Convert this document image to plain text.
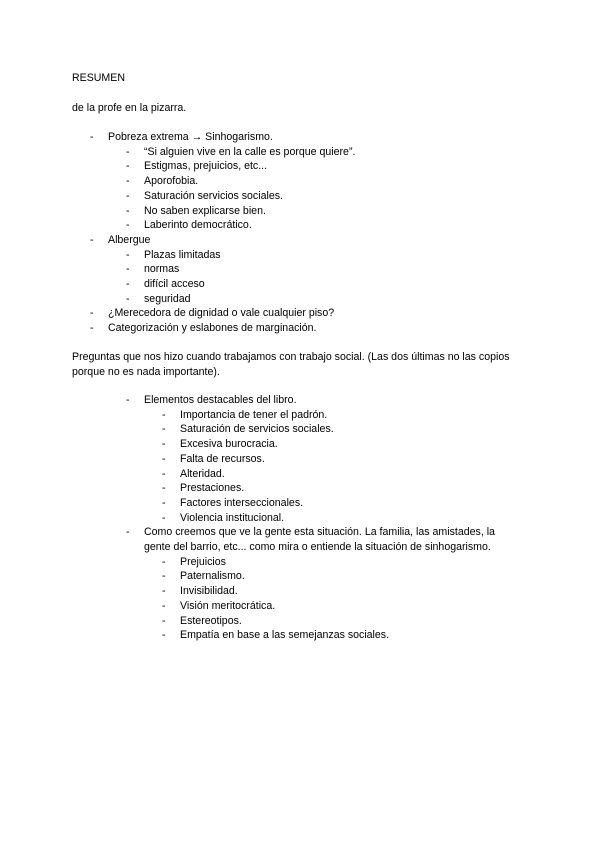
RESUMEN

de la profe en la pizarra.

-	Pobreza extrema → Sinhogarismo.
-	“Si alguien vive en la calle es porque quiere”.
-	Estigmas, prejuicios, etc...
-	Aporofobia.
-	Saturación servicios sociales.
-	No saben explicarse bien.
-	Laberinto democrático.
-	Albergue
-	Plazas limitadas
-	normas
-	difícil acceso
-	seguridad
-	¿Merecedora de dignidad o vale cualquier piso?
-	Categorización y eslabones de marginación.

Preguntas que nos hizo cuando trabajamos con trabajo social. (Las dos últimas no las copios porque no es nada importante).

-	Elementos destacables del libro.
-	Importancia de tener el padrón.
-	Saturación de servicios sociales.
-	Excesiva burocracia.
-	Falta de recursos.
-	Alteridad.
-	Prestaciones.
-	Factores interseccionales.
-	Violencia institucional.
-	Como creemos que ve la gente esta situación. La familia, las amistades, la gente del barrio, etc... como mira o entiende la situación de sinhogarismo.
-	Prejuicios
-	Paternalismo.
-	Invisibilidad.
-	Visión meritocrática.
-	Estereotipos.
-	Empatía en base a las semejanzas sociales.
